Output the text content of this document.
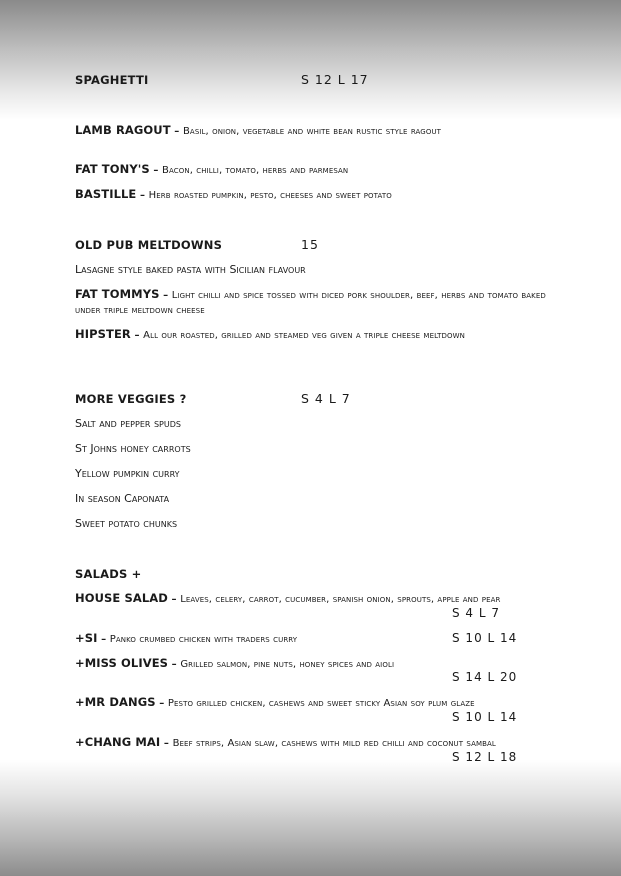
SPAGHETTI	S 12 L 17
LAMB RAGOUT – Basil, onion, vegetable and white bean rustic style ragout
FAT TONY'S – Bacon, chilli, tomato, herbs and parmesan
BASTILLE – Herb roasted pumpkin, pesto, cheeses and sweet potato
OLD PUB MELTDOWNS	15
Lasagne style baked pasta with Sicilian flavour
FAT TOMMYS – Light chilli and spice tossed with diced pork shoulder, beef, herbs and tomato baked under triple meltdown cheese
HIPSTER – All our roasted, grilled and steamed veg given a triple cheese meltdown
MORE VEGGIES ?	S 4 L 7
Salt and pepper spuds
St Johns honey carrots
Yellow pumpkin curry
In season Caponata
Sweet potato chunks
SALADS +
HOUSE SALAD – Leaves, celery, carrot, cucumber, spanish onion, sprouts, apple and pear
S 4 L 7
+SI – Panko crumbed chicken with traders curry	S 10 L 14
+MISS OLIVES – Grilled salmon, pine nuts, honey spices and aioli
S 14 L 20
+MR DANGS – Pesto grilled chicken, cashews and sweet sticky Asian soy plum glaze
S 10 L 14
+CHANG MAI – Beef strips, Asian slaw, cashews with mild red chilli and coconut sambal
S 12 L 18
